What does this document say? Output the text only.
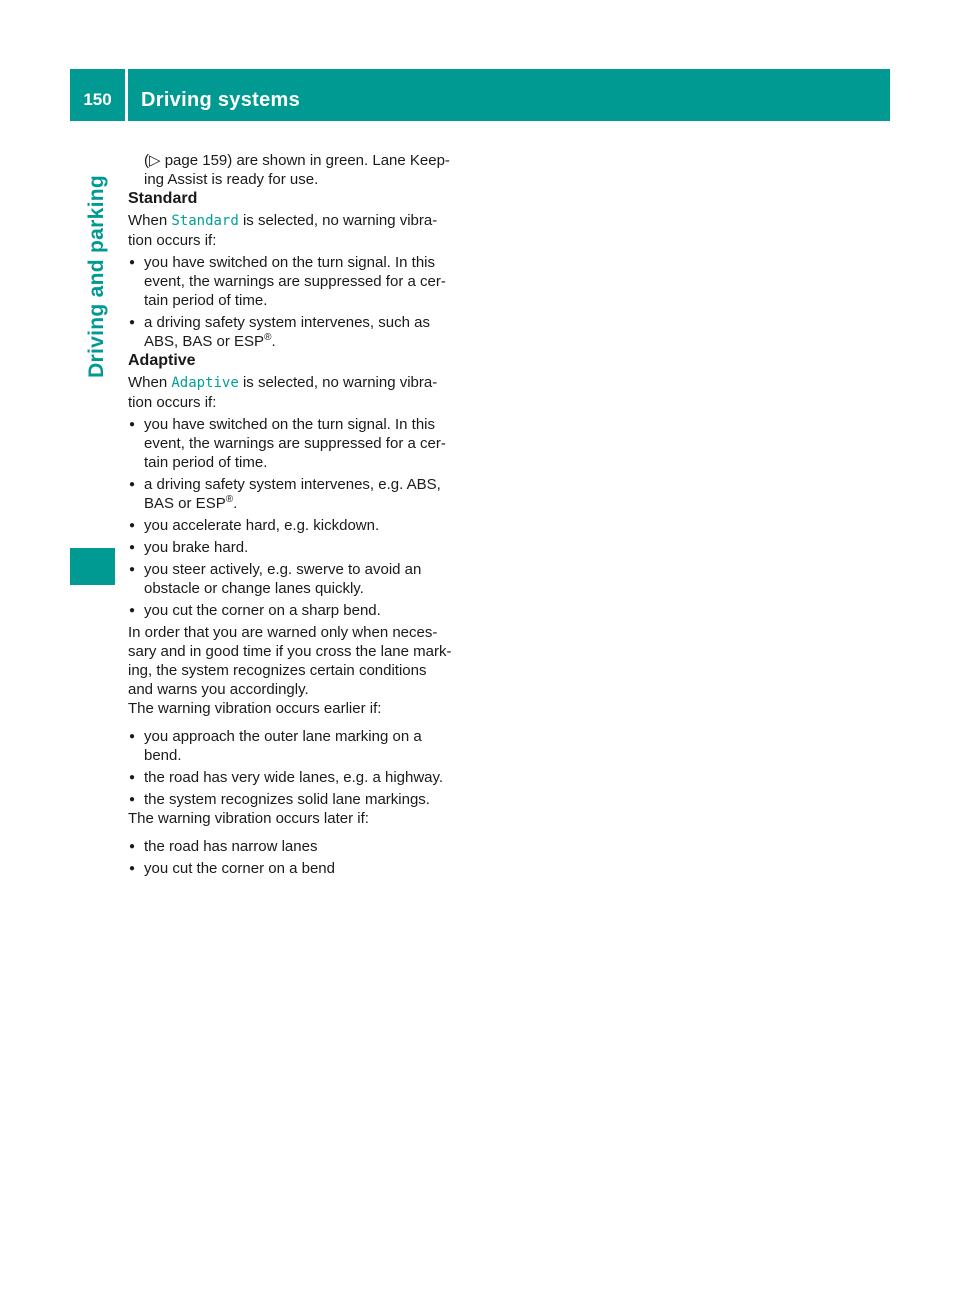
150	Driving systems
Driving and parking

(▷ page 159) are shown in green. Lane Keep-

ing Assist is ready for use.

Standard

When Standard is selected, no warning vibra-

tion occurs if:

● you have switched on the turn signal. In this

event, the warnings are suppressed for a cer-

tain period of time.

● a driving safety system intervenes, such as

ABS, BAS or ESP®.

Adaptive

When Adaptive is selected, no warning vibra-

tion occurs if:

● you have switched on the turn signal. In this

event, the warnings are suppressed for a cer-

tain period of time.

● a driving safety system intervenes, e.g. ABS,

BAS or ESP®.

● you accelerate hard, e.g. kickdown.

● you brake hard.

● you steer actively, e.g. swerve to avoid an

obstacle or change lanes quickly.

● you cut the corner on a sharp bend.

In order that you are warned only when neces-

sary and in good time if you cross the lane mark-

ing, the system recognizes certain conditions

and warns you accordingly.

The warning vibration occurs earlier if:

● you approach the outer lane marking on a

bend.

● the road has very wide lanes, e.g. a highway.

● the system recognizes solid lane markings.

The warning vibration occurs later if:

● the road has narrow lanes

● you cut the corner on a bend
